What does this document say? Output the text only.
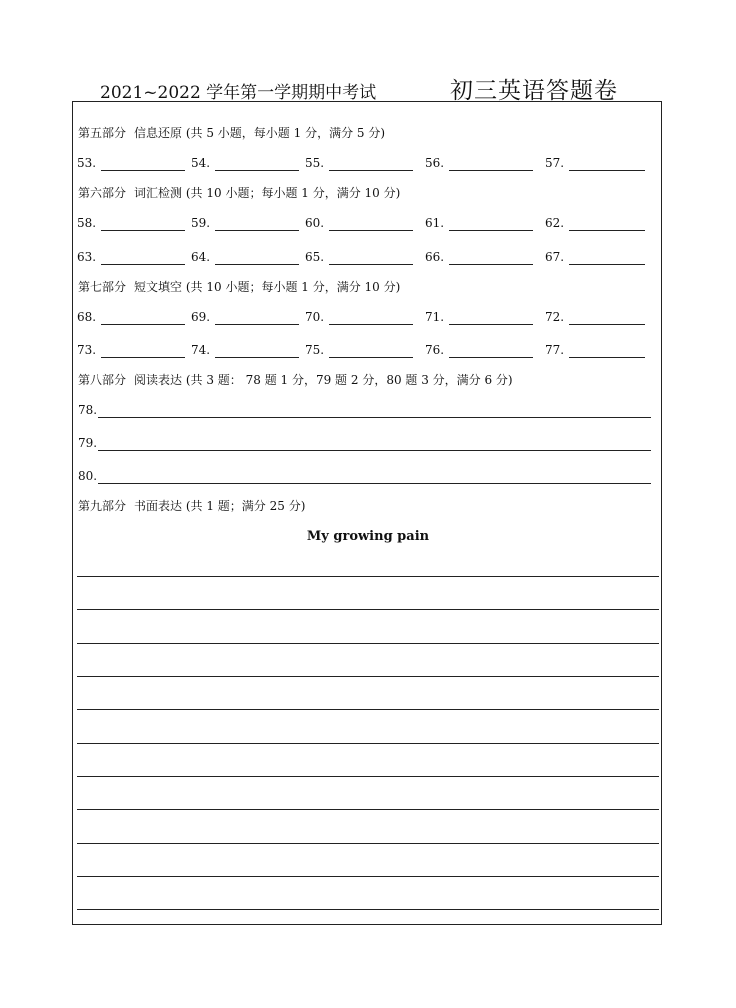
2021~2022 学年第一学期期中考试	初三英语答题卷
第五部分 信息还原 (共 5 小题，每小题 1 分，满分 5 分)
53.	54.	55.	56.	57.
第六部分 词汇检测 (共 10 小题；每小题 1 分，满分 10 分)
58.	59.	60.	61.	62.
63.	64.	65.	66.	67.
第七部分 短文填空 (共 10 小题；每小题 1 分，满分 10 分)
68.	69.	70.	71.	72.
73.	74.	75.	76.	77.
第八部分 阅读表达 (共 3 题： 78 题 1 分，79 题 2 分，80 题 3 分，满分 6 分)
78.
79.
80.
第九部分 书面表达 (共 1 题；满分 25 分)
My growing pain
